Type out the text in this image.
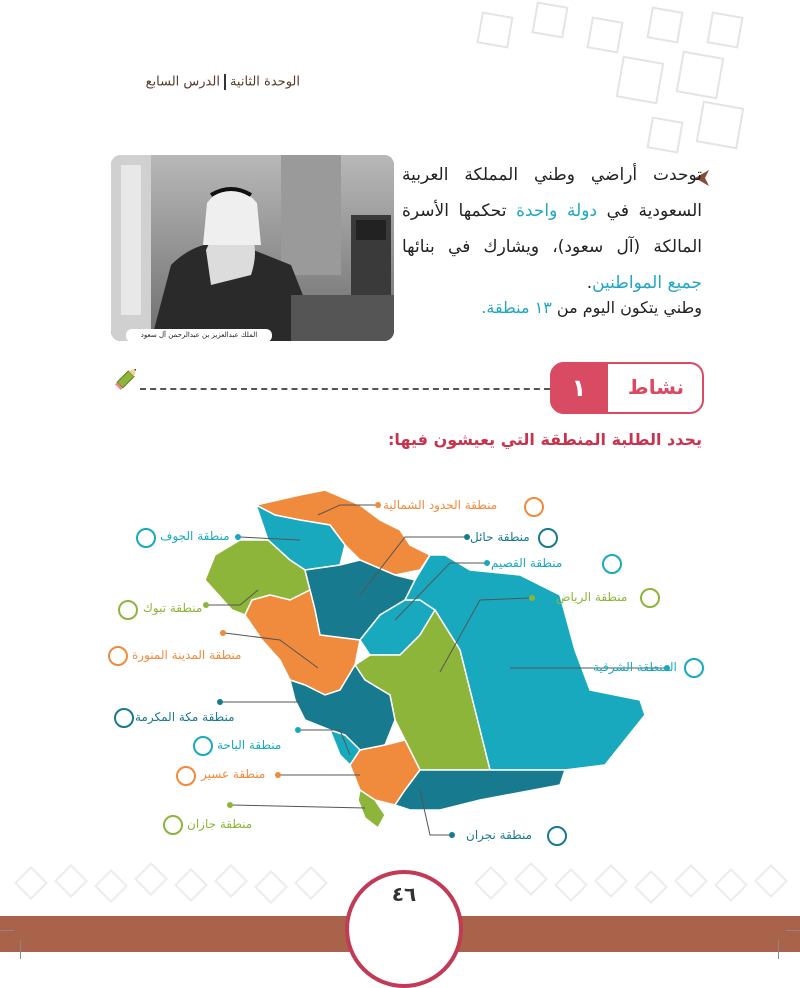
الوحدة الثانيةالدرس السابع
الملك عبدالعزيز بن عبدالرحمن آل سعود
توحدت أراضي وطني المملكة العربية السعودية في دولة واحدة تحكمها الأسرة المالكة (آل سعود)، ويشارك في بنائها جميع المواطنين.
وطني يتكون اليوم من ١٣ منطقة.
١	نشاط
يحدد الطلبة المنطقة التي يعيشون فيها:
منطقة الحدود الشمالية
منطقة الجوف	منطقة حائل
منطقة القصيم
منطقة تبوك
منطقة الرياض
منطقة المدينة المنورة
المنطقة الشرقية
منطقة مكة المكرمة
منطقة الباحة
منطقة عسير
منطقة جازان
منطقة نجران
٤٦
